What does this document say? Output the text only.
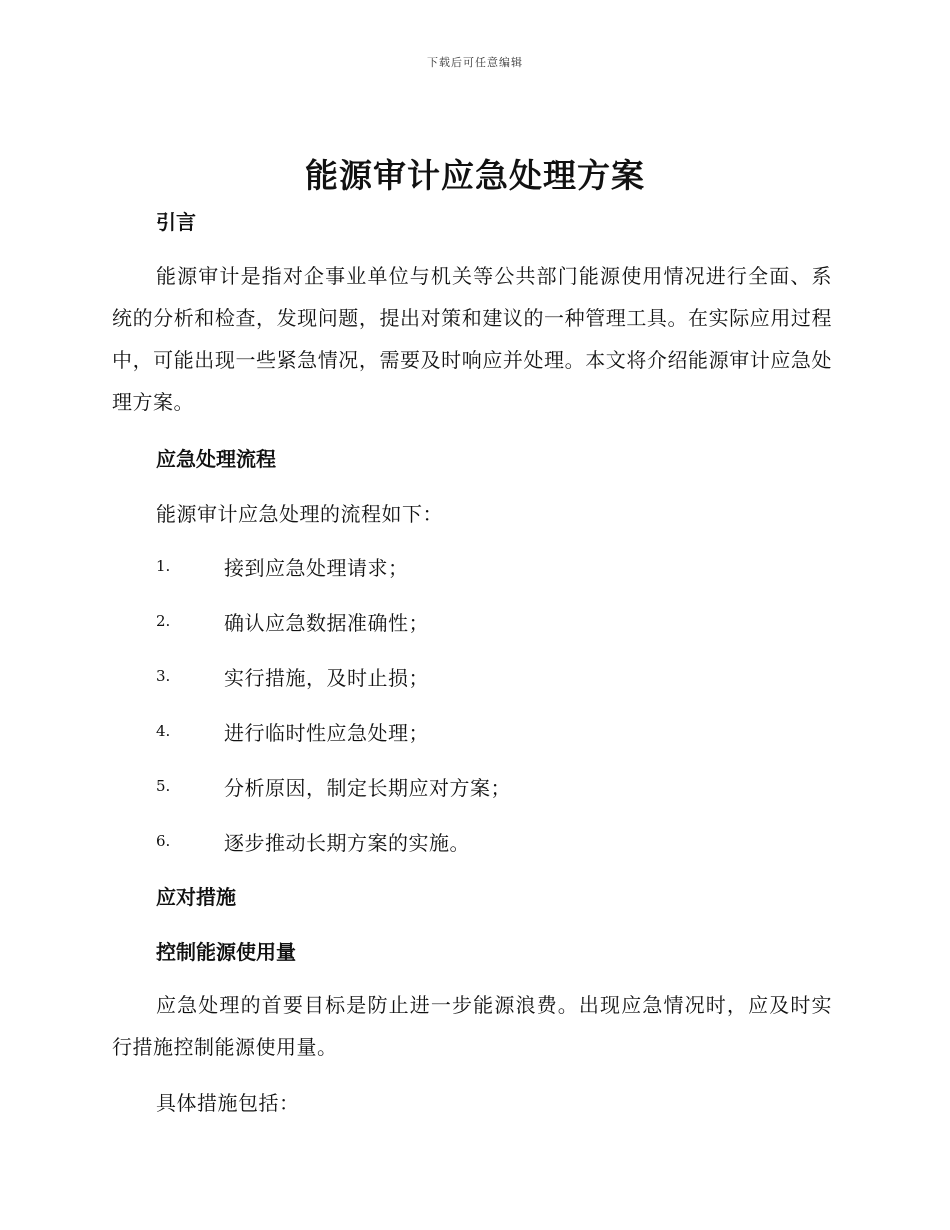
下载后可任意编辑
能源审计应急处理方案
引言

能源审计是指对企事业单位与机关等公共部门能源使用情况进行全面、系统的分析和检查，发现问题，提出对策和建议的一种管理工具。在实际应用过程中，可能出现一些紧急情况，需要及时响应并处理。本文将介绍能源审计应急处理方案。

应急处理流程

能源审计应急处理的流程如下：

1.	接到应急处理请求；
2.	确认应急数据准确性；
3.	实行措施，及时止损；
4.	进行临时性应急处理；
5.	分析原因，制定长期应对方案；
6.	逐步推动长期方案的实施。
应对措施
控制能源使用量

应急处理的首要目标是防止进一步能源浪费。出现应急情况时，应及时实行措施控制能源使用量。

具体措施包括：
